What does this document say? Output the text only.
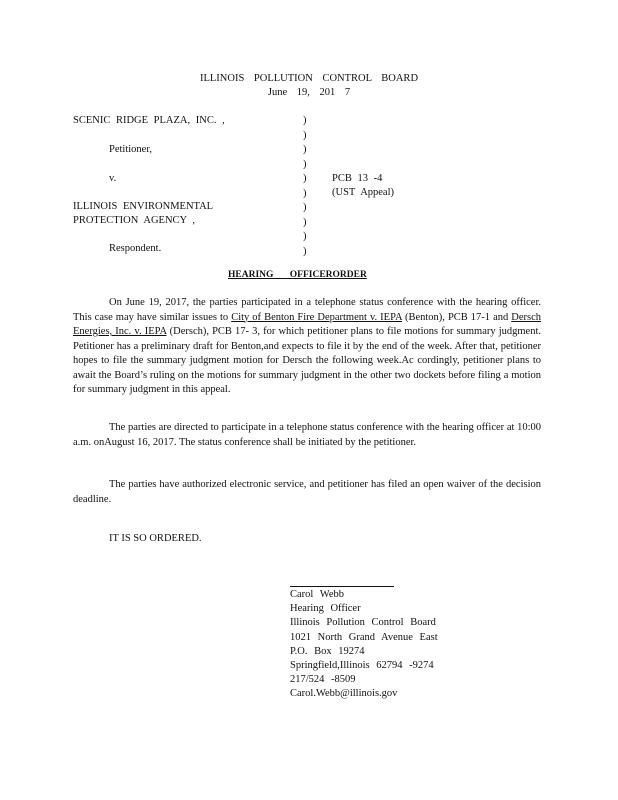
ILLINOIS POLLUTION CONTROL BOARD
June 19, 201 7
SCENIC RIDGE PLAZA, INC. ,
Petitioner,
v.
ILLINOIS ENVIRONMENTAL
PROTECTION AGENCY ,
Respondent.
)
)
)
)
)
)
)
)
)
)
PCB 13 -4
(UST Appeal)
HEARING OFFICERORDER
On June 19, 2017, the parties participated in a telephone status conference with the hearing officer. This case may have similar issues to City of Benton Fire Department v. IEPA (Benton), PCB 17-1 and Dersch Energies, Inc. v. IEPA (Dersch), PCB 17- 3, for which petitioner plans to file motions for summary judgment. Petitioner has a preliminary draft for Benton,and expects to file it by the end of the week. After that, petitioner hopes to file the summary judgment motion for Dersch the following week.Ac cordingly, petitioner plans to await the Board’s ruling on the motions for summary judgment in the other two dockets before filing a motion for summary judgment in this appeal.
The parties are directed to participate in a telephone status conference with the hearing officer at 10:00 a.m. onAugust 16, 2017. The status conference shall be initiated by the petitioner.
The parties have authorized electronic service, and petitioner has filed an open waiver of the decision deadline.
IT IS SO ORDERED.
Carol Webb
Hearing Officer
Illinois Pollution Control Board
1021 North Grand Avenue East
P.O. Box 19274
Springfield,Illinois 62794 -9274
217/524 -8509
Carol.Webb@illinois.gov
